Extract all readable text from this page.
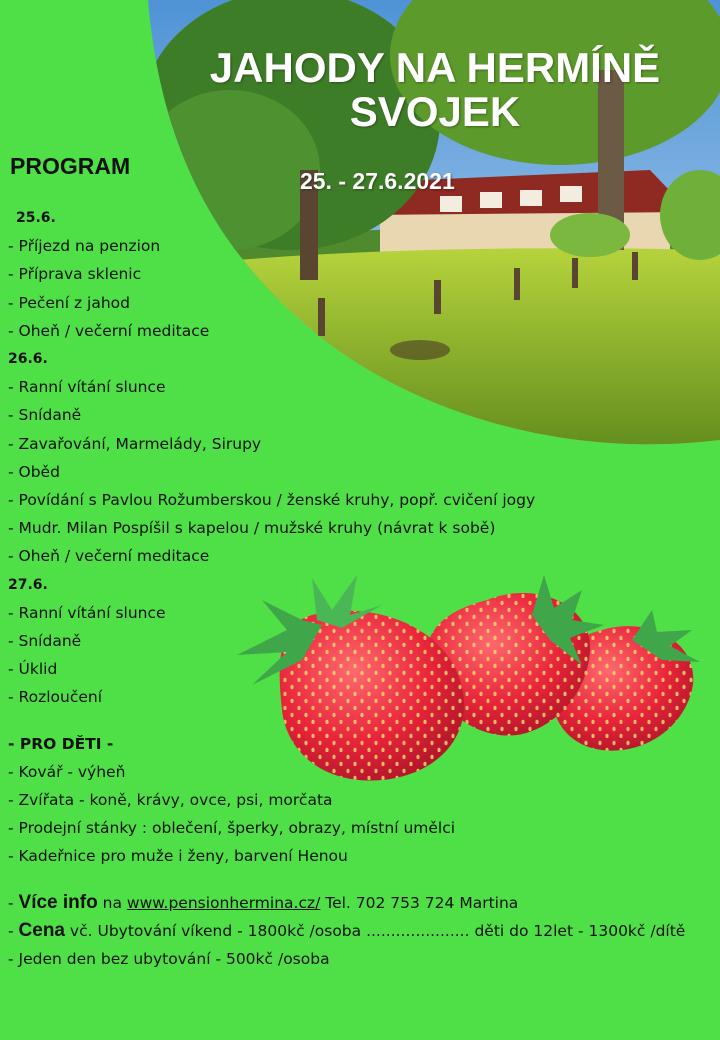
JAHODY NA HERMÍNĚ
SVOJEK
25. - 27.6.2021
PROGRAM
25.6.
- Příjezd na penzion
- Příprava sklenic
- Pečení z jahod
- Oheň / večerní meditace
26.6.
- Ranní vítání slunce
- Snídaně
- Zavařování, Marmelády, Sirupy
- Oběd
- Povídání s Pavlou Rožumberskou / ženské kruhy, popř. cvičení jogy
- Mudr. Milan Pospíšil s kapelou / mužské kruhy (návrat k sobě)
- Oheň / večerní meditace
27.6.
- Ranní vítání slunce
- Snídaně
- Úklid
- Rozloučení
- PRO DĚTI -
- Kovář - výheň
- Zvířata - koně, krávy, ovce, psi, morčata
- Prodejní stánky : oblečení, šperky, obrazy, místní umělci
- Kadeřnice pro muže i ženy, barvení Henou
- Více info na www.pensionhermina.cz/ Tel. 702 753 724 Martina
- Cena vč. Ubytování víkend - 1800kč /osoba ..................... děti do 12let - 1300kč /dítě
- Jeden den bez ubytování - 500kč /osoba
